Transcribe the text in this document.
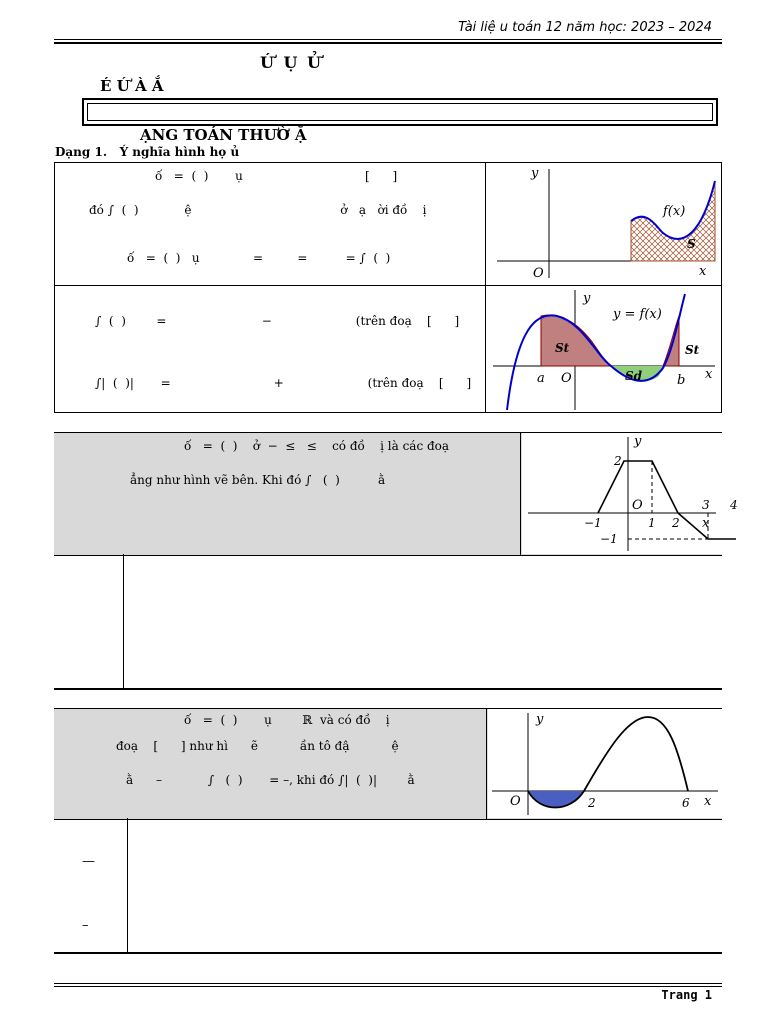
Tài liệ u toán 12 năm học: 2023 – 2024
Ứ Ụ Ử
É Ứ À Ắ
ẠNG TOÁN THƯỜ Ặ
Dạng 1. Ý nghĩa hình họ ủ
ố   =  (  )       ụ                                [      ]
đó ∫  (  )            ệ                                       ở   ạ   ời đồ    ị
ố   =  (  )   ụ              =         =          = ∫  (  )
y
f(x)
S
O	x
∫  (  )        =                         −                      (trên đoạ    [      ]
∫|  (  )|       =                           +                      (trên đoạ    [      ]
y
y = f(x)
St
Sd
St
a O	b x
ố   =  (  )    ở  −  ≤   ≤    có đồ    ị là các đoạ
ẳng như hình vẽ bên. Khi đó ∫   (  )          ằ
y
O
x
−1	1 2
3 4
2
−1
ố   =  (  )       ụ        ℝ  và có đồ    ị
đoạ    [      ] như hì      ẽ           ần tô đậ           ệ
ằ      –            ∫   (  )       = –, khi đó ∫|  (  )|        ằ
y
O	x
2	6
—
–
Trang 1
